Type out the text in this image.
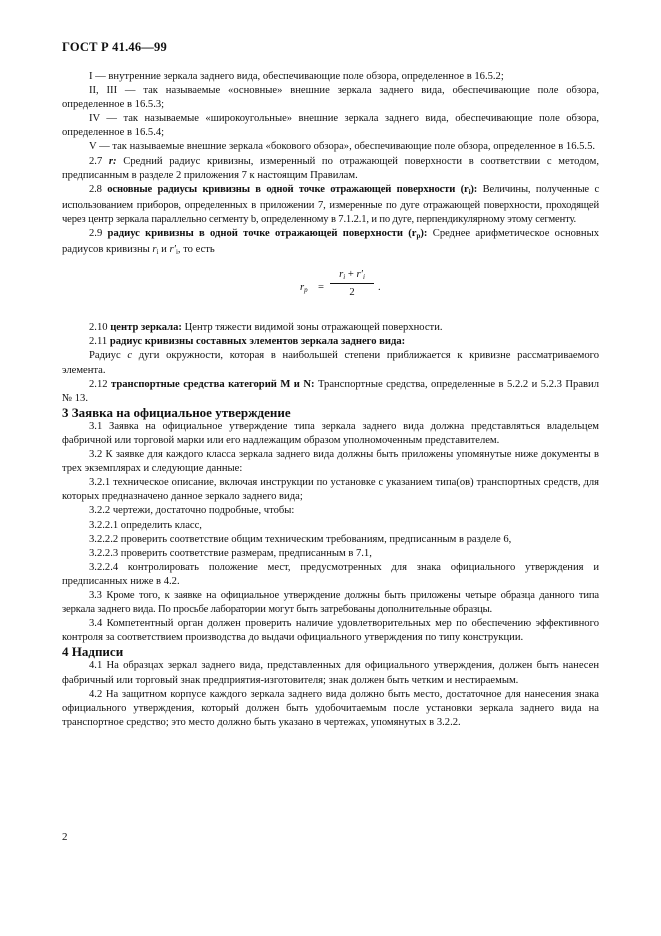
ГОСТ Р 41.46—99

I — внутренние зеркала заднего вида, обеспечивающие поле обзора, определенное в 16.5.2;

II, III — так называемые «основные» внешние зеркала заднего вида, обеспечивающие поле обзора, определенное в 16.5.3;

IV — так называемые «широкоугольные» внешние зеркала заднего вида, обеспечивающие поле обзора, определенное в 16.5.4;

V — так называемые внешние зеркала «бокового обзора», обеспечивающие поле обзора, определенное в 16.5.5.

2.7 r: Средний радиус кривизны, измеренный по отражающей поверхности в соответствии с методом, предписанным в разделе 2 приложения 7 к настоящим Правилам.

2.8 основные радиусы кривизны в одной точке отражающей поверхности $(r_i)$: Величины, полученные с использованием приборов, определенных в приложении 7, измеренные по дуге отражающей поверхности, проходящей через центр зеркала параллельно сегменту b, определенному в 7.1.2.1, и по дуге, перпендикулярному этому сегменту.

2.9 радиус кривизны в одной точке отражающей поверхности $(r_p)$: Среднее арифметическое основных радиусов кривизны $r_i$ и $r'_i$, то есть

$r_p$ =
$r_i + r'_i$
2	.

2.10 центр зеркала: Центр тяжести видимой зоны отражающей поверхности.

2.11 радиус кривизны составных элементов зеркала заднего вида:

Радиус с дуги окружности, которая в наибольшей степени приближается к кривизне рассматриваемого элемента.

2.12 транспортные средства категорий M и N: Транспортные средства, определенные в 5.2.2 и 5.2.3 Правил № 13.

3 Заявка на официальное утверждение

3.1 Заявка на официальное утверждение типа зеркала заднего вида должна представляться владельцем фабричной или торговой марки или его надлежащим образом уполномоченным представителем.

3.2 К заявке для каждого класса зеркала заднего вида должны быть приложены упомянутые ниже документы в трех экземплярах и следующие данные:

3.2.1 техническое описание, включая инструкции по установке с указанием типа(ов) транспортных средств, для которых предназначено данное зеркало заднего вида;

3.2.2 чертежи, достаточно подробные, чтобы:

3.2.2.1 определить класс,

3.2.2.2 проверить соответствие общим техническим требованиям, предписанным в разделе 6,

3.2.2.3 проверить соответствие размерам, предписанным в 7.1,

3.2.2.4 контролировать положение мест, предусмотренных для знака официального утверждения и предписанных ниже в 4.2.

3.3 Кроме того, к заявке на официальное утверждение должны быть приложены четыре образца данного типа зеркала заднего вида. По просьбе лаборатории могут быть затребованы дополнительные образцы.

3.4 Компетентный орган должен проверить наличие удовлетворительных мер по обеспечению эффективного контроля за соответствием производства до выдачи официального утверждения по типу конструкции.

4 Надписи

4.1 На образцах зеркал заднего вида, представленных для официального утверждения, должен быть нанесен фабричный или торговый знак предприятия-изготовителя; знак должен быть четким и нестираемым.

4.2 На защитном корпусе каждого зеркала заднего вида должно быть место, достаточное для нанесения знака официального утверждения, который должен быть удобочитаемым после установки зеркала заднего вида на транспортное средство; это место должно быть указано в чертежах, упомянутых в 3.2.2.

2
